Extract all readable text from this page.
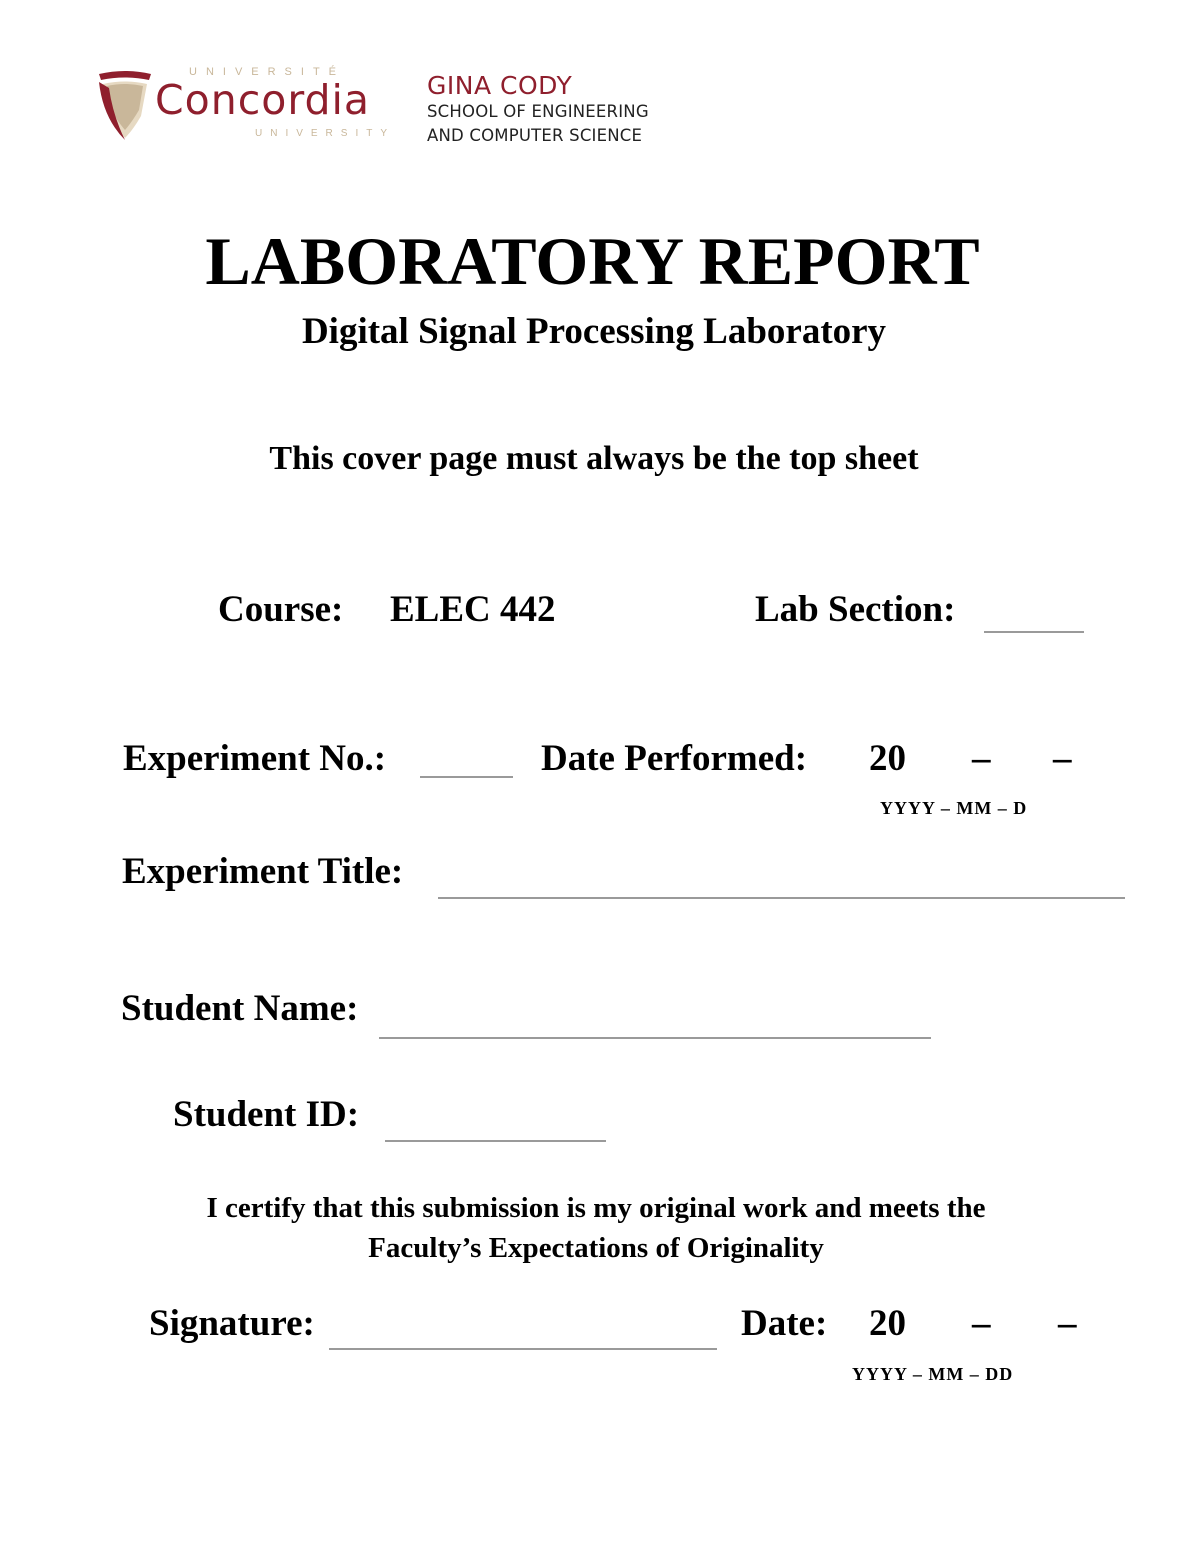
UNIVERSITÉ
Concordia
UNIVERSITY
GINA CODY
SCHOOL OF ENGINEERING
AND COMPUTER SCIENCE
LABORATORY REPORT
Digital Signal Processing Laboratory
This cover page must always be the top sheet
Course: ELEC 442	Lab Section:
Experiment No.:	Date Performed: 20 – –
YYYY – MM – D
Experiment Title:
Student Name:
Student ID:
I certify that this submission is my original work and meets the
Faculty’s Expectations of Originality
Signature:	Date: 20 – –
YYYY – MM – DD
